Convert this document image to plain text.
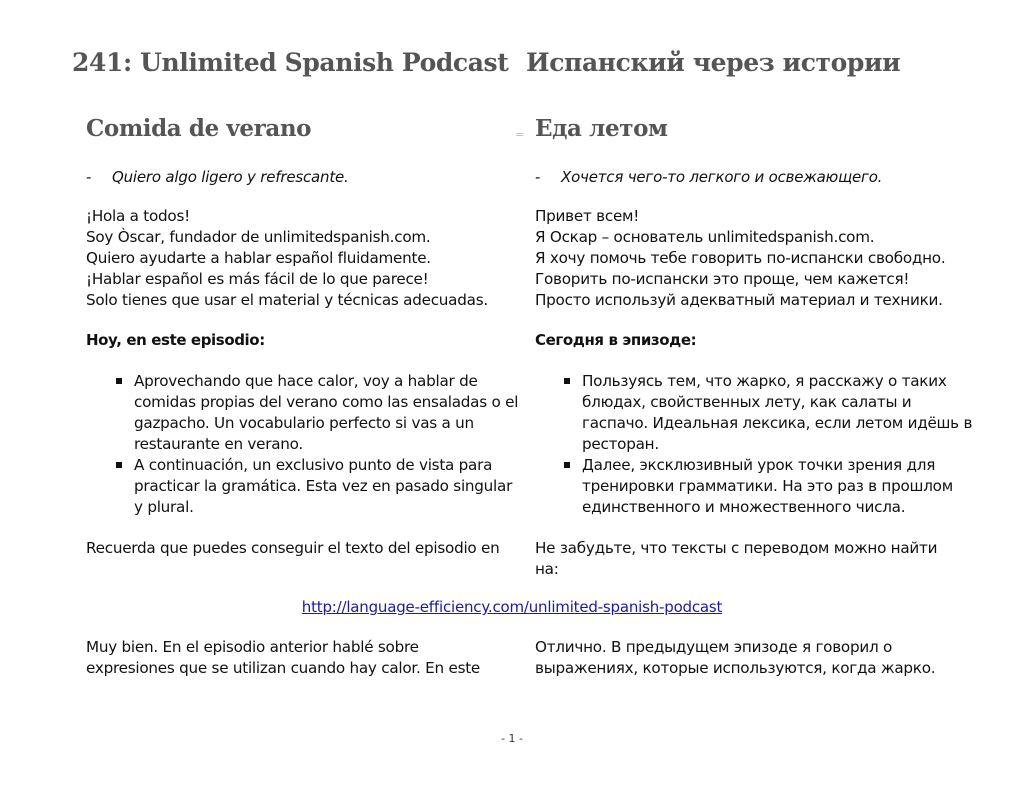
241: Unlimited Spanish Podcast Испанский через истории
Comida de verano	= Еда летом
- Quiero algo ligero y refrescante.	- Хочется чего-то легкого и освежающего.
¡Hola a todos!
Soy Òscar, fundador de unlimitedspanish.com.
Quiero ayudarte a hablar español fluidamente.
¡Hablar español es más fácil de lo que parece!
Solo tienes que usar el material y técnicas adecuadas.
Привет всем!
Я Оскар – основатель unlimitedspanish.com.
Я хочу помочь тебе говорить по-испански свободно.
Говорить по-испански это проще, чем кажется!
Просто используй адекватный материал и техники.
Hoy, en este episodio:	Сегодня в эпизоде:
Aprovechando que hace calor, voy a hablar de comidas propias del verano como las ensaladas o el gazpacho. Un vocabulario perfecto si vas a un restaurante en verano.
A continuación, un exclusivo punto de vista para practicar la gramática. Esta vez en pasado singular y plural.
Пользуясь тем, что жарко, я расскажу о таких блюдах, свойственных лету, как салаты и гаспачо. Идеальная лексика, если летом идёшь в ресторан.
Далее, эксклюзивный урок точки зрения для тренировки грамматики. На это раз в прошлом единственного и множественного числа.
Recuerda que puedes conseguir el texto del episodio en	Не забудьте, что тексты с переводом можно найти на:
http://language-efficiency.com/unlimited-spanish-podcast
Muy bien. En el episodio anterior hablé sobre
expresiones que se utilizan cuando hay calor. En este
Отлично. В предыдущем эпизоде я говорил о
выражениях, которые используются, когда жарко.
- 1 -
